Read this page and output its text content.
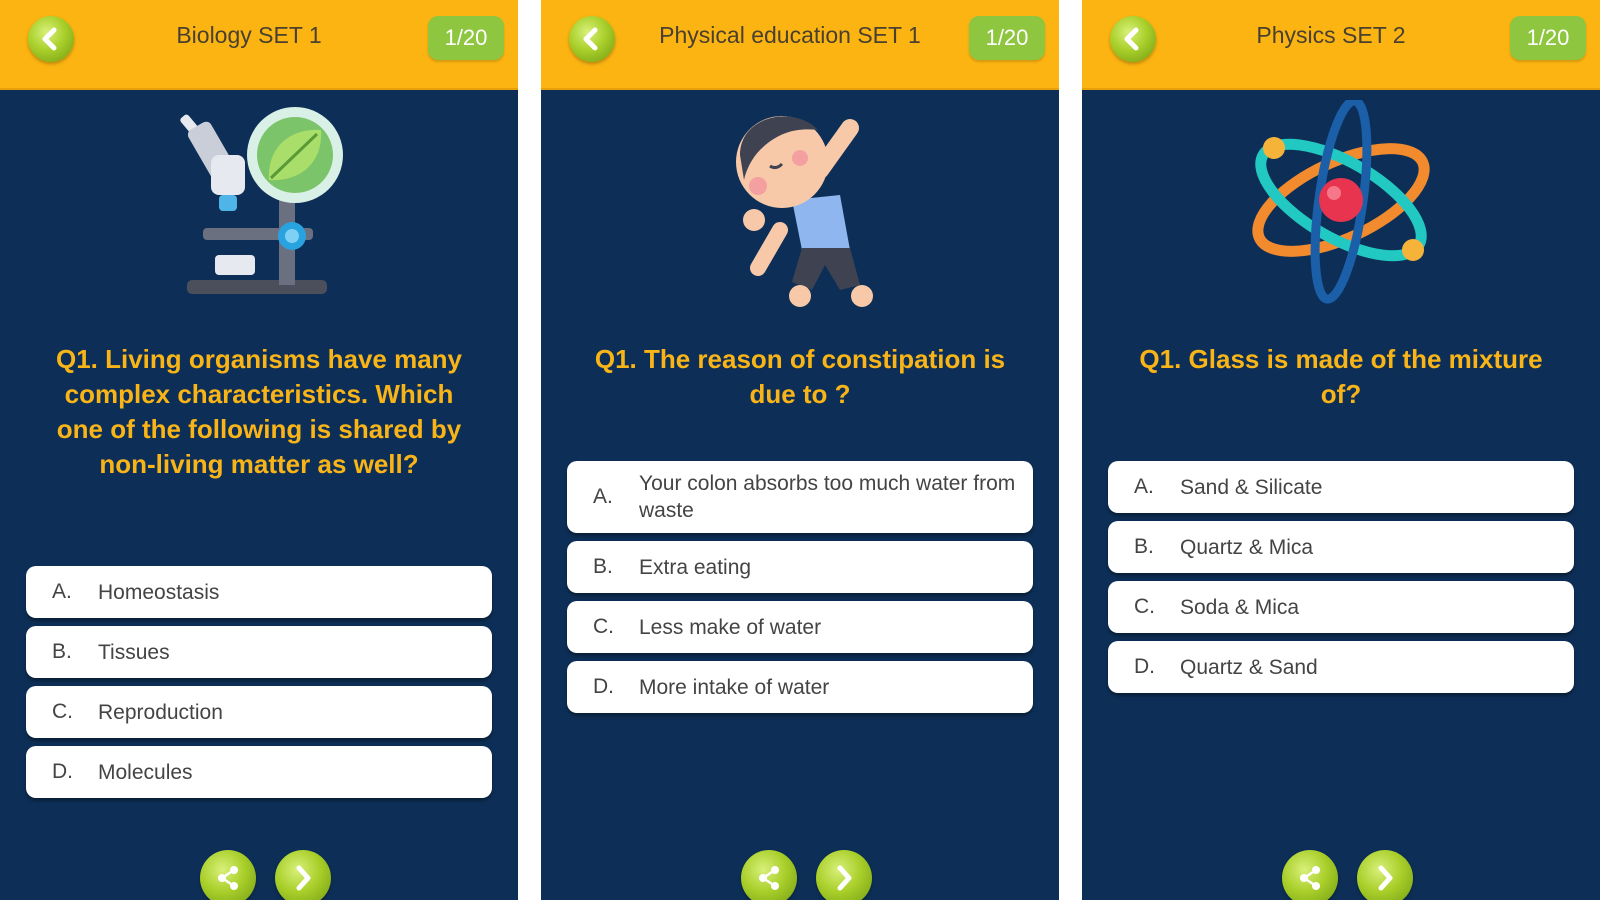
Biology SET 1	1/20
Q1. Living organisms have many complex characteristics. Which one of the following is shared by non-living matter as well?
A.	Homeostasis
B.	Tissues
C.	Reproduction
D.	Molecules
Physical education SET 1	1/20
Q1. The reason of constipation is due to ?
A.
Your colon absorbs too much water from waste
B.	Extra eating
C.	Less make of water
D.	More intake of water
Physics SET 2	1/20
Q1. Glass is made of the mixture of?
A.	Sand & Silicate
B.	Quartz & Mica
C.	Soda & Mica
D.	Quartz & Sand
